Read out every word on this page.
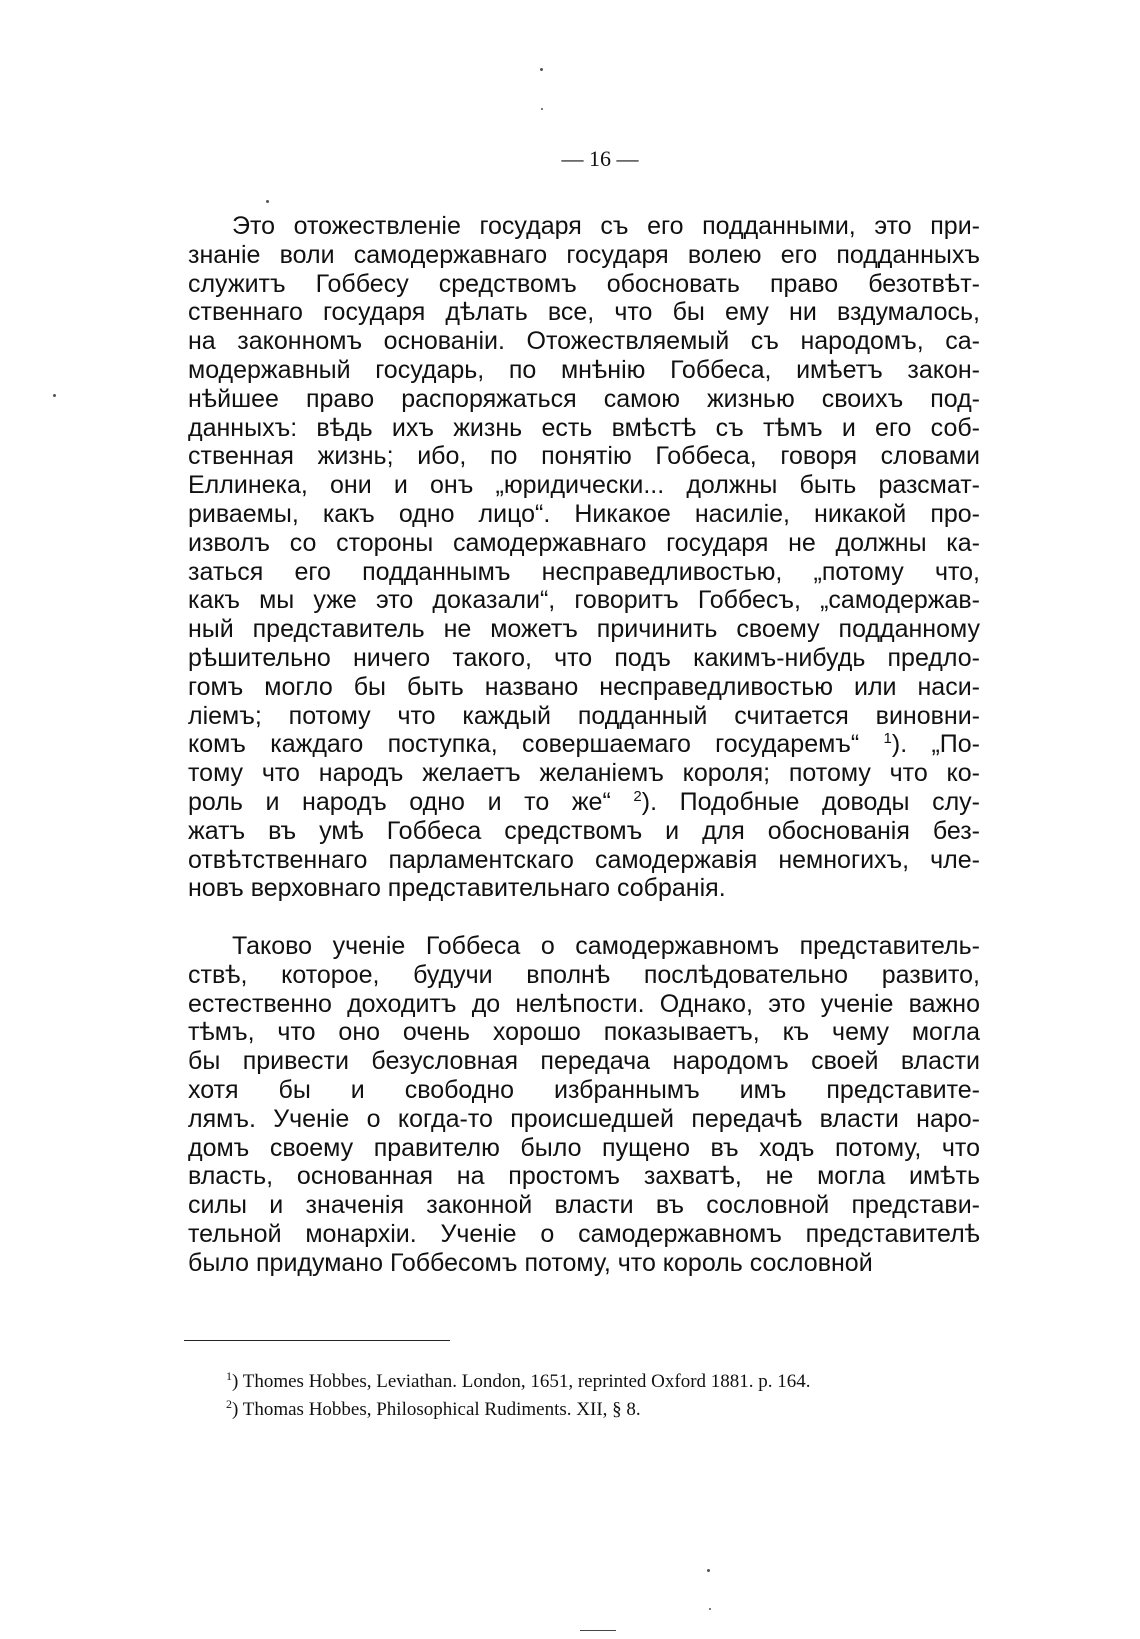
— 16 —
Это отожествленіе государя съ его подданными, это при-
знаніе воли самодержавнаго государя волею его подданныхъ
служитъ Гоббесу средствомъ обосновать право безотвѣт-
ственнаго государя дѣлать все, что бы ему ни вздумалось,
на законномъ основаніи. Отожествляемый съ народомъ, са-
модержавный государь, по мнѣнію Гоббеса, имѣетъ закон-
нѣйшее право распоряжаться самою жизнью своихъ под-
данныхъ: вѣдь ихъ жизнь есть вмѣстѣ съ тѣмъ и его соб-
ственная жизнь; ибо, по понятію Гоббеса, говоря словами
Еллинека, они и онъ „юридически... должны быть разсмат-
риваемы, какъ одно лицо“. Никакое насиліе, никакой про-
изволъ со стороны самодержавнаго государя не должны ка-
заться его подданнымъ несправедливостью, „потому что,
какъ мы уже это доказали“, говоритъ Гоббесъ, „самодержав-
ный представитель не можетъ причинить своему подданному
рѣшительно ничего такого, что подъ какимъ-нибудь предло-
гомъ могло бы быть названо несправедливостью или наси-
ліемъ; потому что каждый подданный считается виновни-
комъ каждаго поступка, совершаемаго государемъ“ $^1$). „По-
тому что народъ желаетъ желаніемъ короля; потому что ко-
роль и народъ одно и то же“ $^2$). Подобные доводы слу-
жатъ въ умѣ Гоббеса средствомъ и для обоснованія без-
отвѣтственнаго парламентскаго самодержавія немногихъ, чле-
новъ верховнаго представительнаго собранія.
Таково ученіе Гоббеса о самодержавномъ представитель-
ствѣ, которое, будучи вполнѣ послѣдовательно развито,
естественно доходитъ до нелѣпости. Однако, это ученіе важно
тѣмъ, что оно очень хорошо показываетъ, къ чему могла
бы привести безусловная передача народомъ своей власти
хотя бы и свободно избраннымъ имъ представите-
лямъ. Ученіе о когда-то происшедшей передачѣ власти наро-
домъ своему правителю было пущено въ ходъ потому, что
власть, основанная на простомъ захватѣ, не могла имѣть
силы и значенія законной власти въ сословной представи-
тельной монархіи. Ученіе о самодержавномъ представителѣ
было придумано Гоббесомъ потому, что король сословной
$^1$) Thomes Hobbes, Leviathan. London, 1651, reprinted Oxford 1881. p. 164.
$^2$) Thomas Hobbes, Philosophical Rudiments. XII, § 8.
